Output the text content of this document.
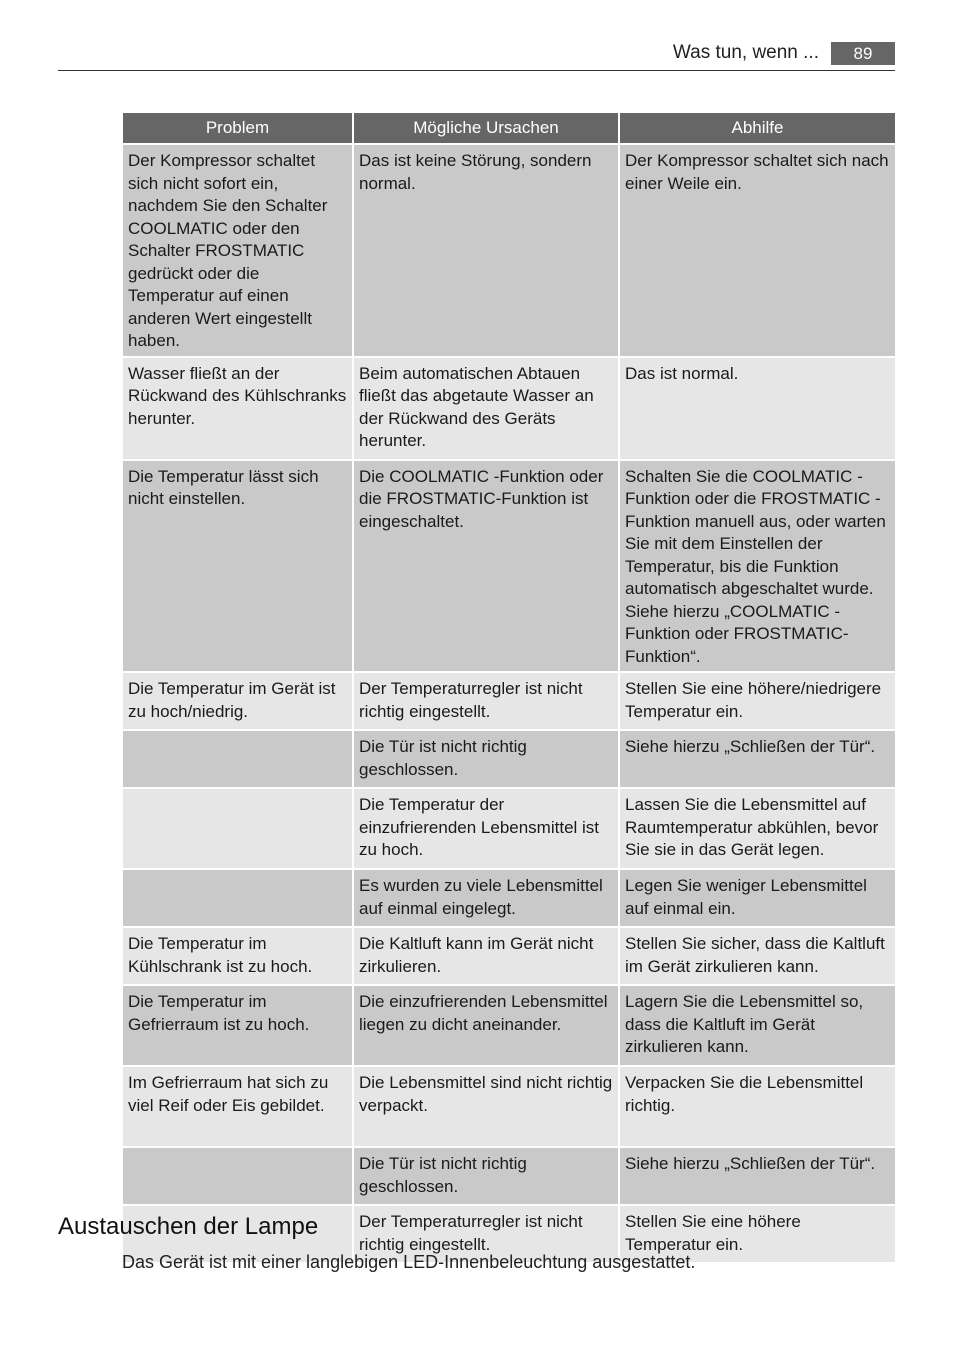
Was tun, wenn ...	89
Problem	Mögliche Ursachen	Abhilfe
Der Kompressor schaltet sich nicht sofort ein, nachdem Sie den Schalter COOLMATIC oder den Schalter FROSTMATIC gedrückt oder die Temperatur auf einen anderen Wert eingestellt haben.	Das ist keine Störung, sondern normal.	Der Kompressor schaltet sich nach einer Weile ein.
Wasser fließt an der Rückwand des Kühlschranks herunter.	Beim automatischen Abtauen fließt das abgetaute Wasser an der Rückwand des Geräts herunter.	Das ist normal.
Die Temperatur lässt sich nicht einstellen.	Die COOLMATIC -Funktion oder die FROSTMATIC-Funktion ist eingeschaltet.	Schalten Sie die COOLMATIC -Funktion oder die FROSTMATIC -Funktion manuell aus, oder warten Sie mit dem Einstellen der Temperatur, bis die Funktion automatisch abgeschaltet wurde. Siehe hierzu „COOLMATIC -Funktion oder FROSTMATIC-Funktion“.
Die Temperatur im Gerät ist zu hoch/niedrig.	Der Temperaturregler ist nicht richtig eingestellt.	Stellen Sie eine höhere/niedrigere Temperatur ein.
	Die Tür ist nicht richtig geschlossen.	Siehe hierzu „Schließen der Tür“.
	Die Temperatur der einzufrierenden Lebensmittel ist zu hoch.	Lassen Sie die Lebensmittel auf Raumtemperatur abkühlen, bevor Sie sie in das Gerät legen.
	Es wurden zu viele Lebensmittel auf einmal eingelegt.	Legen Sie weniger Lebensmittel auf einmal ein.
Die Temperatur im Kühlschrank ist zu hoch.	Die Kaltluft kann im Gerät nicht zirkulieren.	Stellen Sie sicher, dass die Kaltluft im Gerät zirkulieren kann.
Die Temperatur im Gefrierraum ist zu hoch.	Die einzufrierenden Lebensmittel liegen zu dicht aneinander.	Lagern Sie die Lebensmittel so, dass die Kaltluft im Gerät zirkulieren kann.
Im Gefrierraum hat sich zu viel Reif oder Eis gebildet.	Die Lebensmittel sind nicht richtig verpackt.	Verpacken Sie die Lebensmittel richtig.
	Die Tür ist nicht richtig geschlossen.	Siehe hierzu „Schließen der Tür“.
	Der Temperaturregler ist nicht richtig eingestellt.	Stellen Sie eine höhere Temperatur ein.
Austauschen der Lampe

Das Gerät ist mit einer langlebigen LED-Innenbeleuchtung ausgestattet.
